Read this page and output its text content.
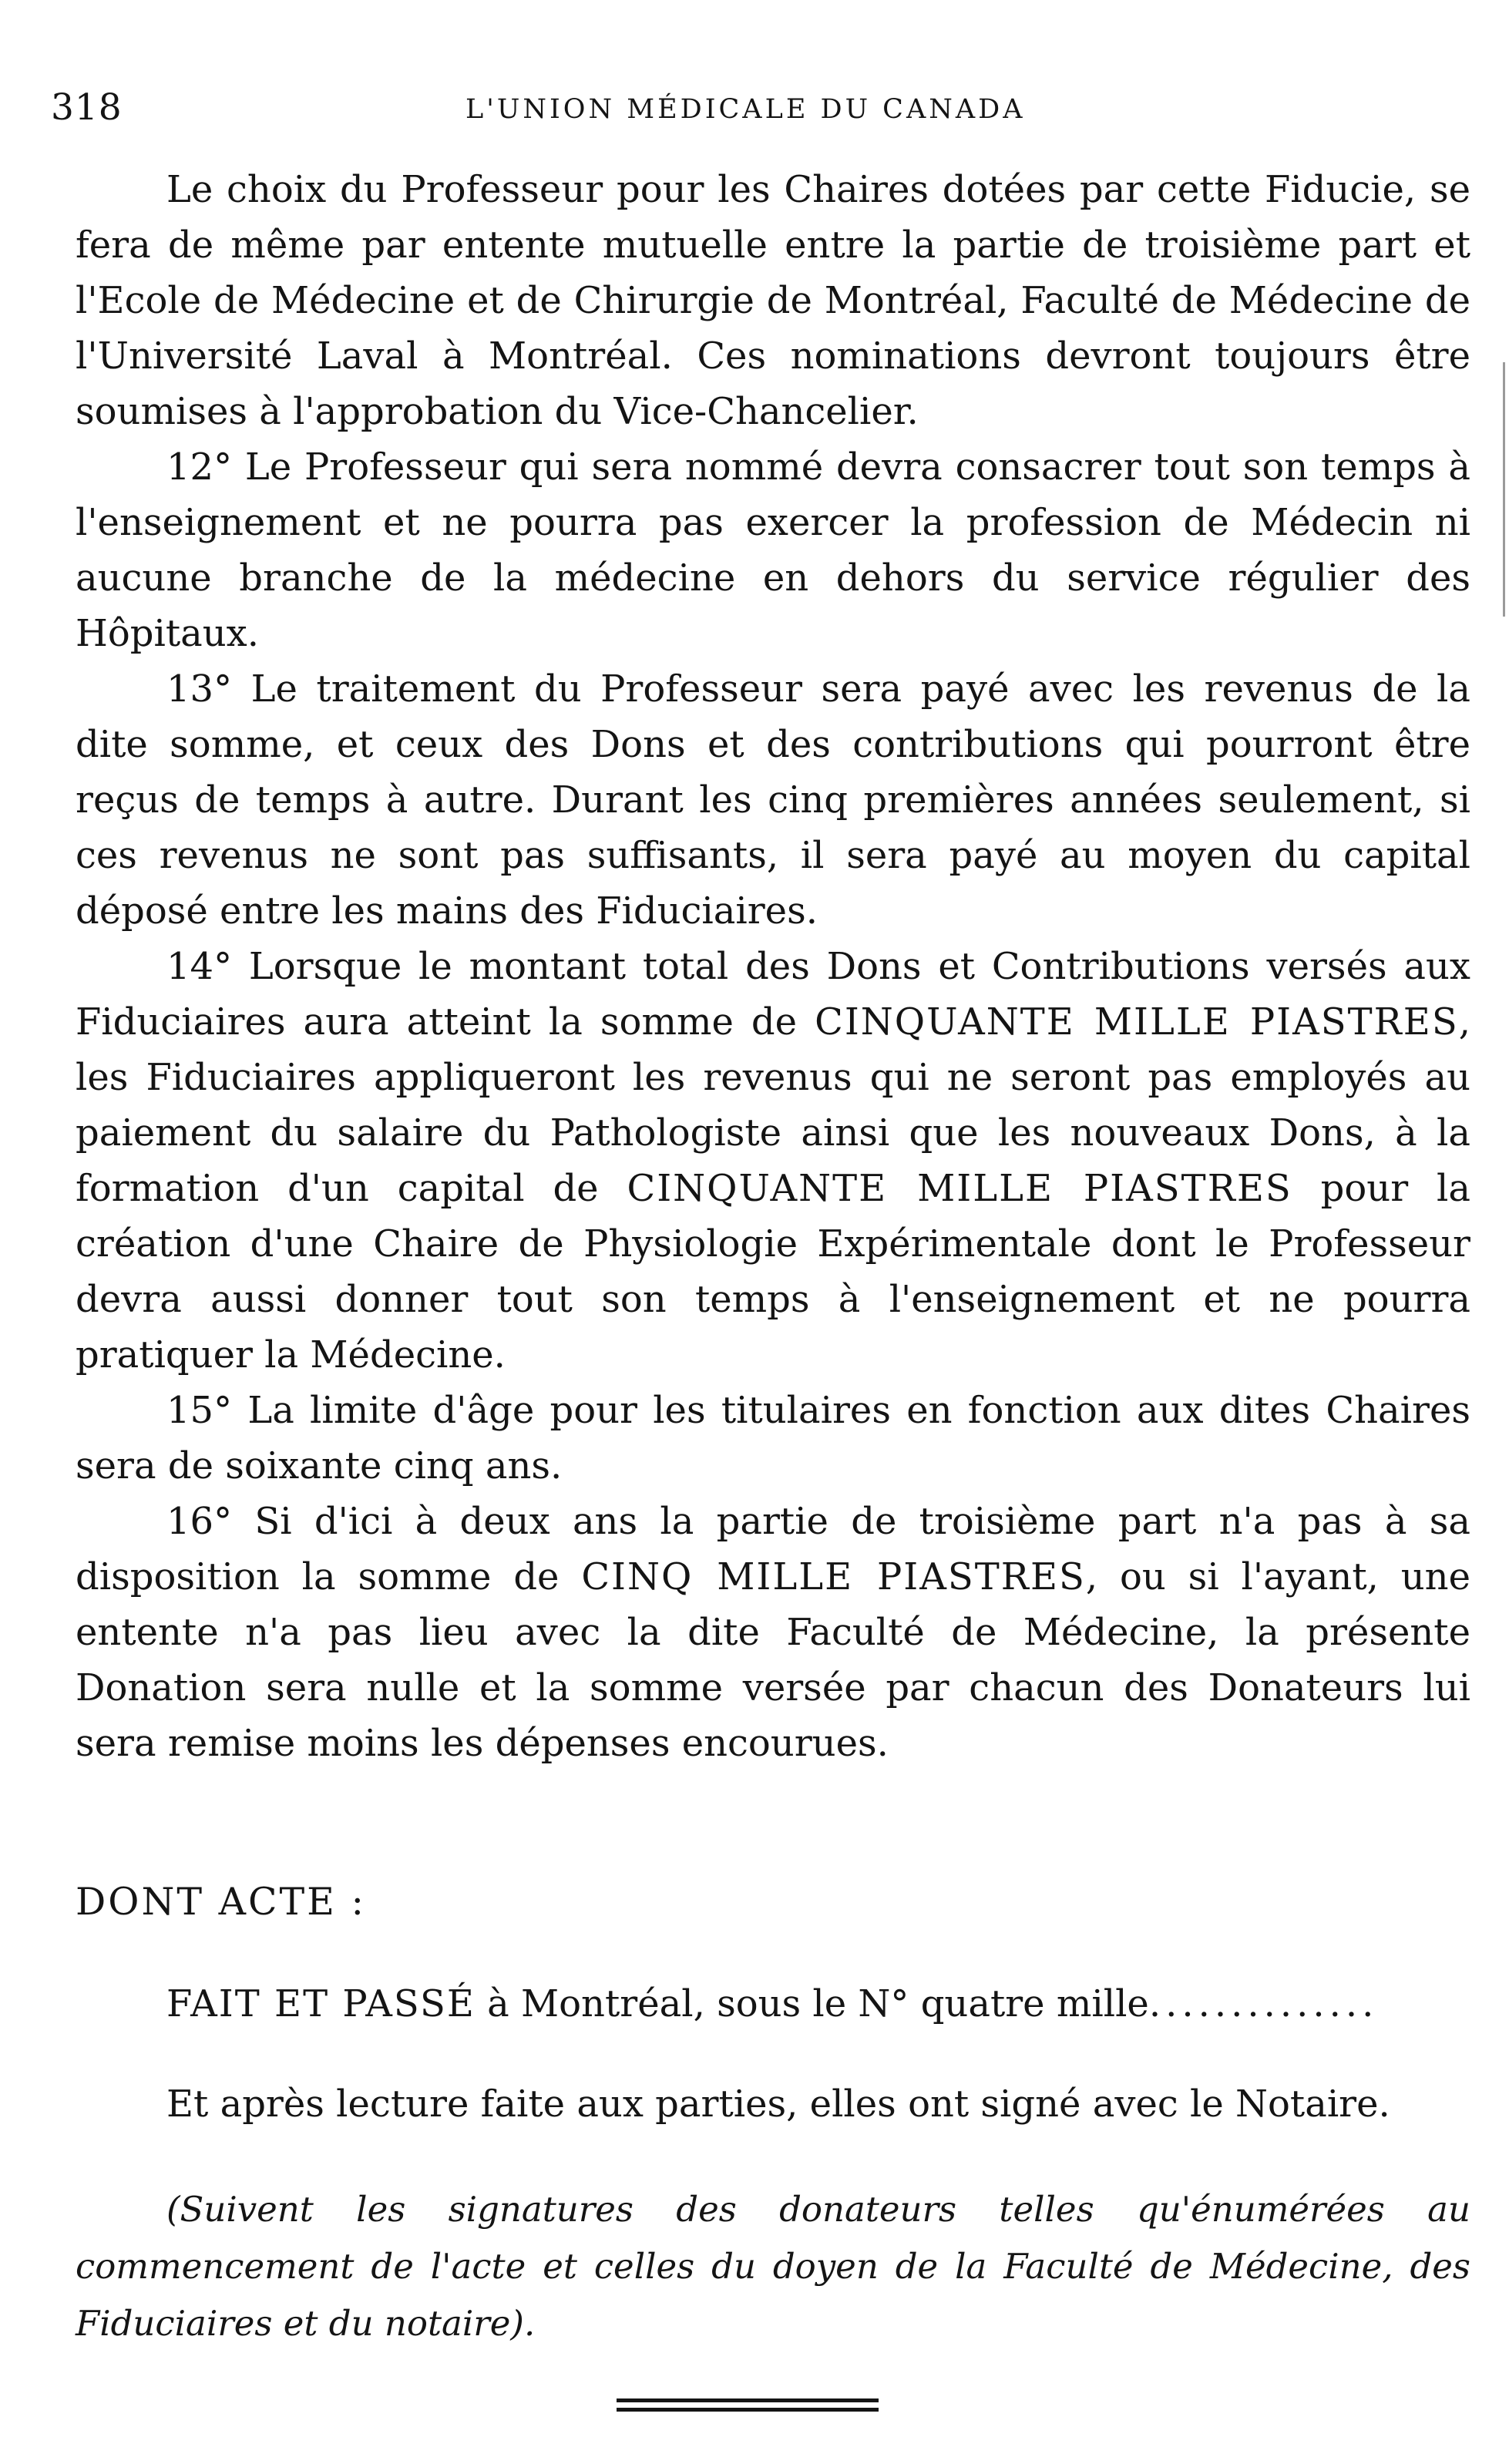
318	L'UNION MÉDICALE DU CANADA

Le choix du Professeur pour les Chaires dotées par cette Fiducie, se fera de même par entente mutuelle entre la partie de troisième part et l'Ecole de Médecine et de Chirurgie de Montréal, Faculté de Médecine de l'Université Laval à Montréal. Ces nominations devront toujours être soumises à l'approbation du Vice-Chancelier.

12° Le Professeur qui sera nommé devra consacrer tout son temps à l'enseignement et ne pourra pas exercer la profession de Médecin ni aucune branche de la médecine en dehors du service régulier des Hôpitaux.

13° Le traitement du Professeur sera payé avec les revenus de la dite somme, et ceux des Dons et des contributions qui pourront être reçus de temps à autre. Durant les cinq premières années seulement, si ces revenus ne sont pas suffisants, il sera payé au moyen du capital déposé entre les mains des Fiduciaires.

14° Lorsque le montant total des Dons et Contributions versés aux Fiduciaires aura atteint la somme de CINQUANTE MILLE PIASTRES, les Fiduciaires appliqueront les revenus qui ne seront pas employés au paiement du salaire du Pathologiste ainsi que les nouveaux Dons, à la formation d'un capital de CINQUANTE MILLE PIASTRES pour la création d'une Chaire de Physiologie Expérimentale dont le Professeur devra aussi donner tout son temps à l'enseignement et ne pourra pratiquer la Médecine.

15° La limite d'âge pour les titulaires en fonction aux dites Chaires sera de soixante cinq ans.

16° Si d'ici à deux ans la partie de troisième part n'a pas à sa disposition la somme de CINQ MILLE PIASTRES, ou si l'ayant, une entente n'a pas lieu avec la dite Faculté de Médecine, la présente Donation sera nulle et la somme versée par chacun des Donateurs lui sera remise moins les dépenses encourues.

DONT ACTE :
FAIT ET PASSÉ à Montréal, sous le N° quatre mille..............
Et après lecture faite aux parties, elles ont signé avec le Notaire.
(Suivent les signatures des donateurs telles qu'énumérées au commencement de l'acte et celles du doyen de la Faculté de Médecine, des Fiduciaires et du notaire).
